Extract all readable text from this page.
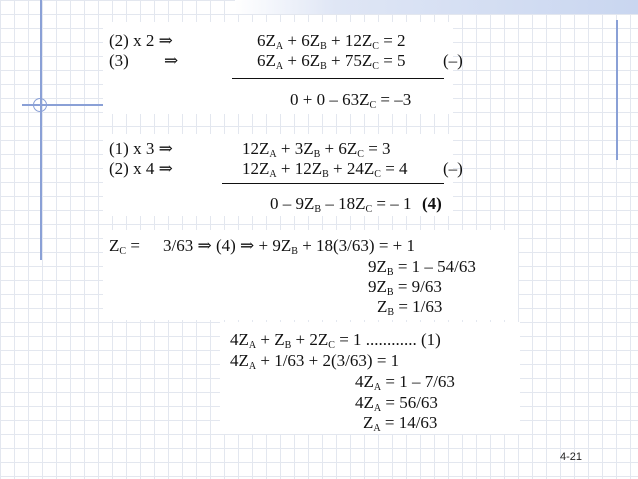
(2) x 2 ⇒	$6Z_A + 6Z_B + 12Z_C = 2$
(3) ⇒	$6Z_A + 6Z_B + 75Z_C = 5$ (–)
$0 + 0 - 63Z_C = -3$
(1) x 3 ⇒	$12Z_A + 3Z_B + 6Z_C = 3$
(2) x 4 ⇒	$12Z_A + 12Z_B + 24Z_C = 4$ (–)
$0 - 9Z_B - 18Z_C$ = – 1 (4)
$Z_C = 3/63$ ⇒ (4) ⇒ + $9Z_B + 18(3/63)$ = + 1
$9Z_B = 1 - 54/63$
$9Z_B = 9/63$
$Z_B = 1/63$
$4Z_A + Z_B + 2Z_C = 1$ ............ (1)
$4Z_A + 1/63 + 2(3/63) = 1$
$4Z_A = 1 - 7/63$
$4Z_A = 56/63$
$Z_A = 14/63$
4-21
